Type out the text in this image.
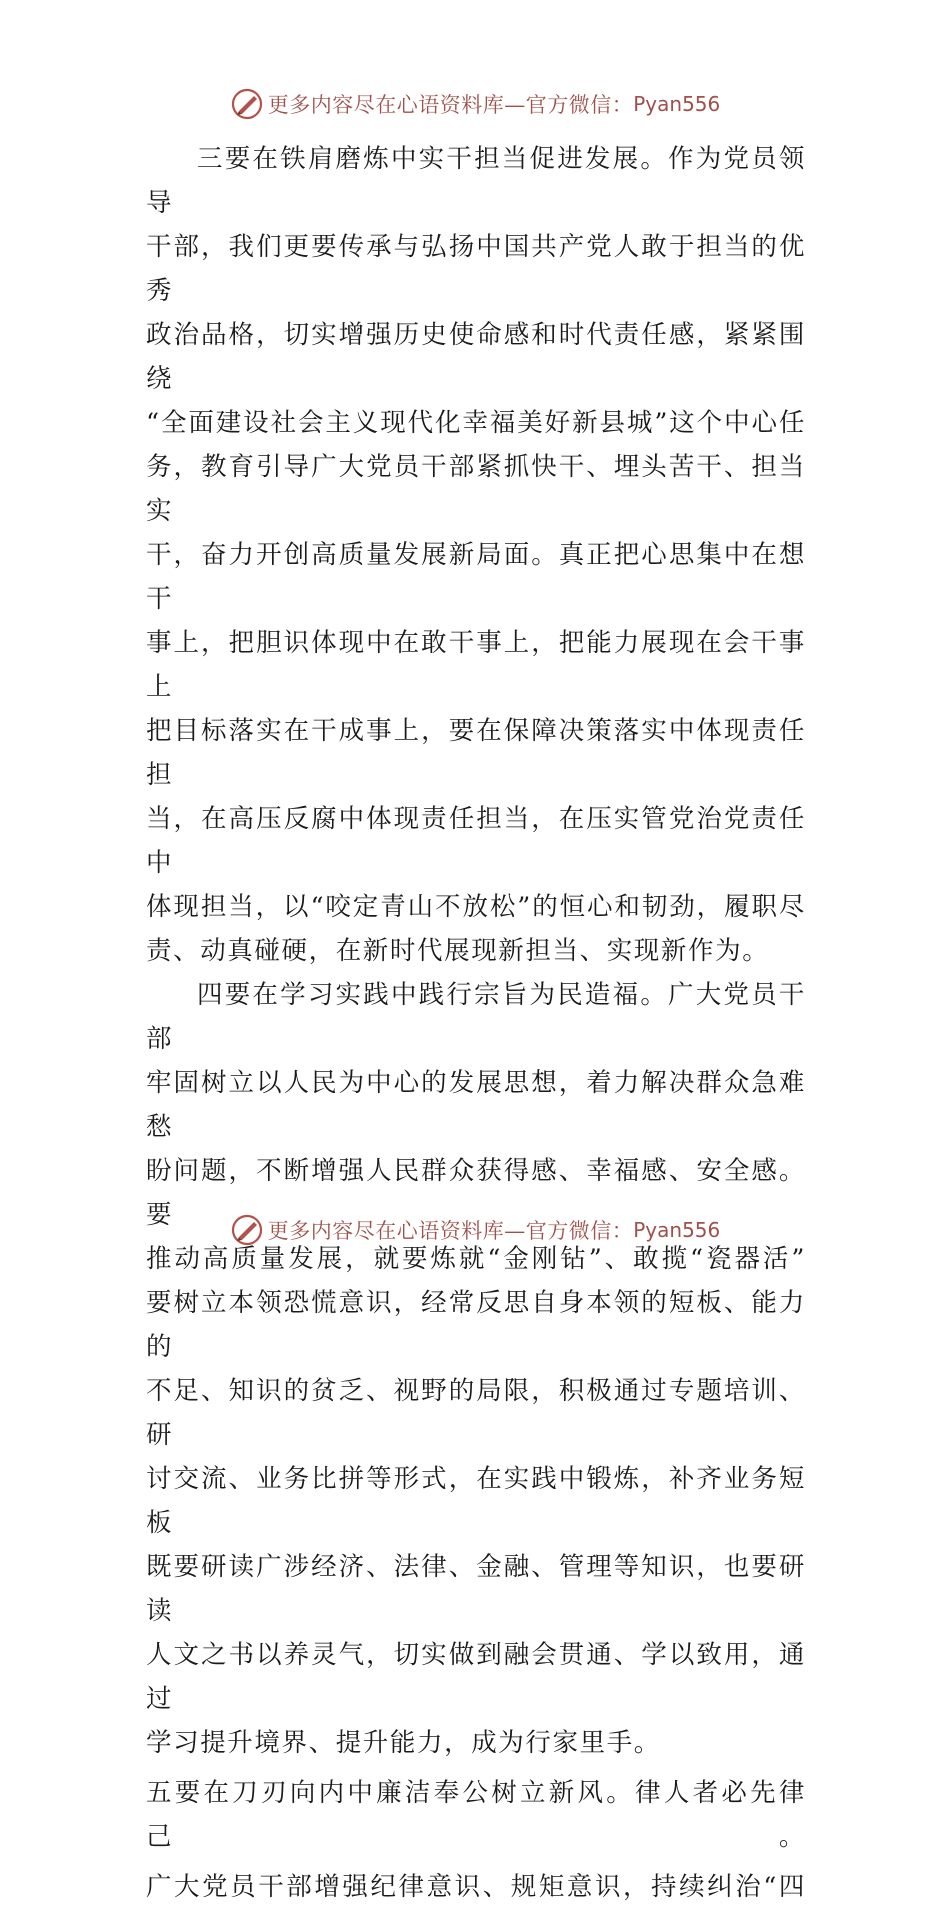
更多内容尽在心语资料库—官方微信： Pyan556

三要在铁肩磨炼中实干担当促进发展。作为党员领导

干部，我们更要传承与弘扬中国共产党人敢于担当的优秀

政治品格，切实增强历史使命感和时代责任感，紧紧围绕

“全面建设社会主义现代化幸福美好新县城”这个中心任

务，教育引导广大党员干部紧抓快干、埋头苦干、担当实

干，奋力开创高质量发展新局面。真正把心思集中在想干

事上，把胆识体现中在敢干事上，把能力展现在会干事上

把目标落实在干成事上，要在保障决策落实中体现责任担

当，在高压反腐中体现责任担当，在压实管党治党责任中

体现担当，以“咬定青山不放松”的恒心和韧劲，履职尽

责、动真碰硬，在新时代展现新担当、实现新作为。

四要在学习实践中践行宗旨为民造福。广大党员干部

牢固树立以人民为中心的发展思想，着力解决群众急难愁

盼问题，不断增强人民群众获得感、幸福感、安全感。要

推动高质量发展，就要炼就“金刚钻”、敢揽“瓷器活”

要树立本领恐慌意识，经常反思自身本领的短板、能力的

不足、知识的贫乏、视野的局限，积极通过专题培训、研

讨交流、业务比拼等形式，在实践中锻炼，补齐业务短板

既要研读广涉经济、法律、金融、管理等知识，也要研读

人文之书以养灵气，切实做到融会贯通、学以致用，通过

学习提升境界、提升能力，成为行家里手。

五要在刀刃向内中廉洁奉公树立新风。律人者必先律己。

广大党员干部增强纪律意识、规矩意识，持续纠治“四

更多内容尽在心语资料库—官方微信： Pyan556
